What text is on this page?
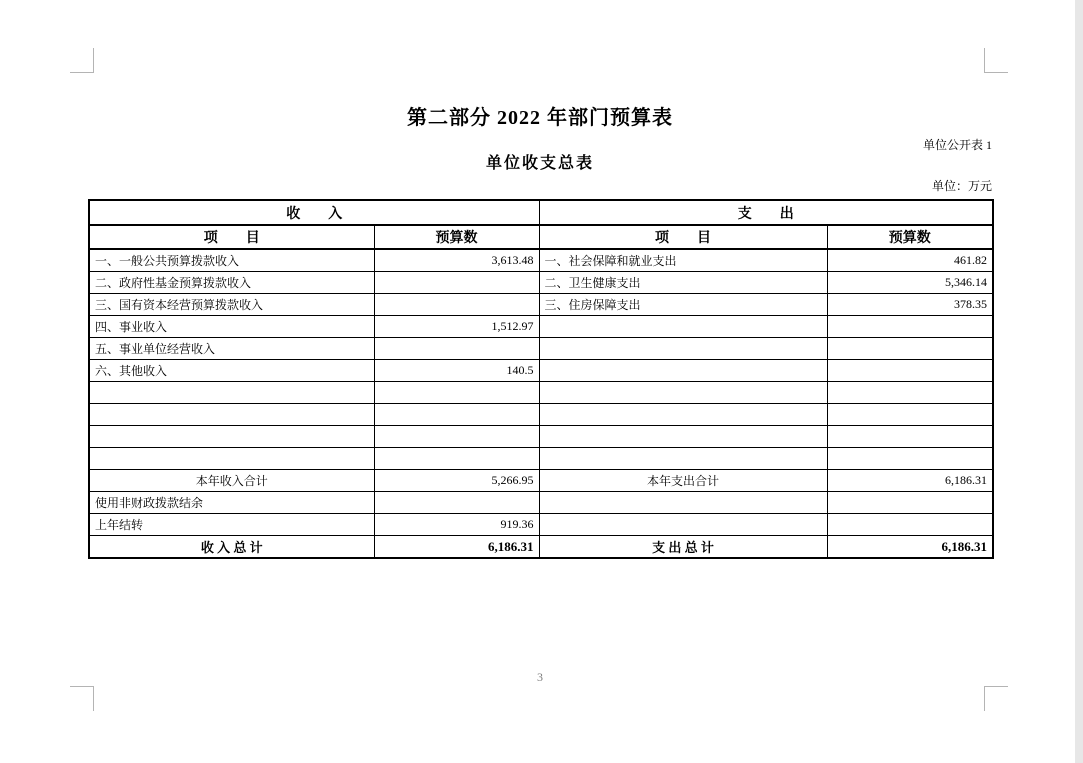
第二部分 2022 年部门预算表
单位公开表 1
单位收支总表
单位：万元
收　　入		支　　出	
项　　目	预算数	项　　目	预算数
一、一般公共预算拨款收入	3,613.48	一、社会保障和就业支出	461.82
二、政府性基金预算拨款收入		二、卫生健康支出	5,346.14
三、国有资本经营预算拨款收入		三、住房保障支出	378.35
四、事业收入	1,512.97		
五、事业单位经营收入			
六、其他收入	140.5		

本年收入合计	5,266.95	本年支出合计	6,186.31
使用非财政拨款结余			
上年结转	919.36		
收 入 总 计	6,186.31	支 出 总 计	6,186.31
3
